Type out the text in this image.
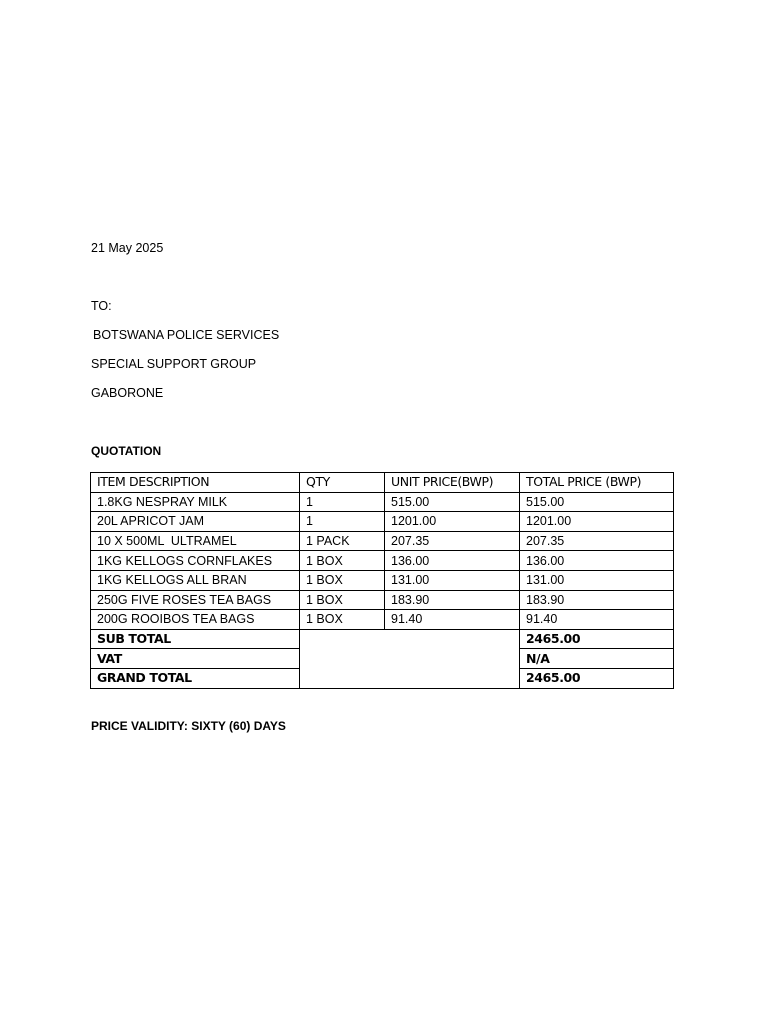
21 May 2025
TO:
BOTSWANA POLICE SERVICES
SPECIAL SUPPORT GROUP
GABORONE
QUOTATION
ITEM DESCRIPTION	QTY	UNIT PRICE(BWP)	TOTAL PRICE (BWP)
1.8KG NESPRAY MILK	1	515.00	515.00
20L APRICOT JAM	1	1201.00	1201.00
10 X 500ML  ULTRAMEL	1 PACK	207.35	207.35
1KG KELLOGS CORNFLAKES	1 BOX	136.00	136.00
1KG KELLOGS ALL BRAN	1 BOX	131.00	131.00
250G FIVE ROSES TEA BAGS	1 BOX	183.90	183.90
200G ROOIBOS TEA BAGS	1 BOX	91.40	91.40
SUB TOTAL			2465.00
VAT			N/A
GRAND TOTAL			2465.00
PRICE VALIDITY: SIXTY (60) DAYS
